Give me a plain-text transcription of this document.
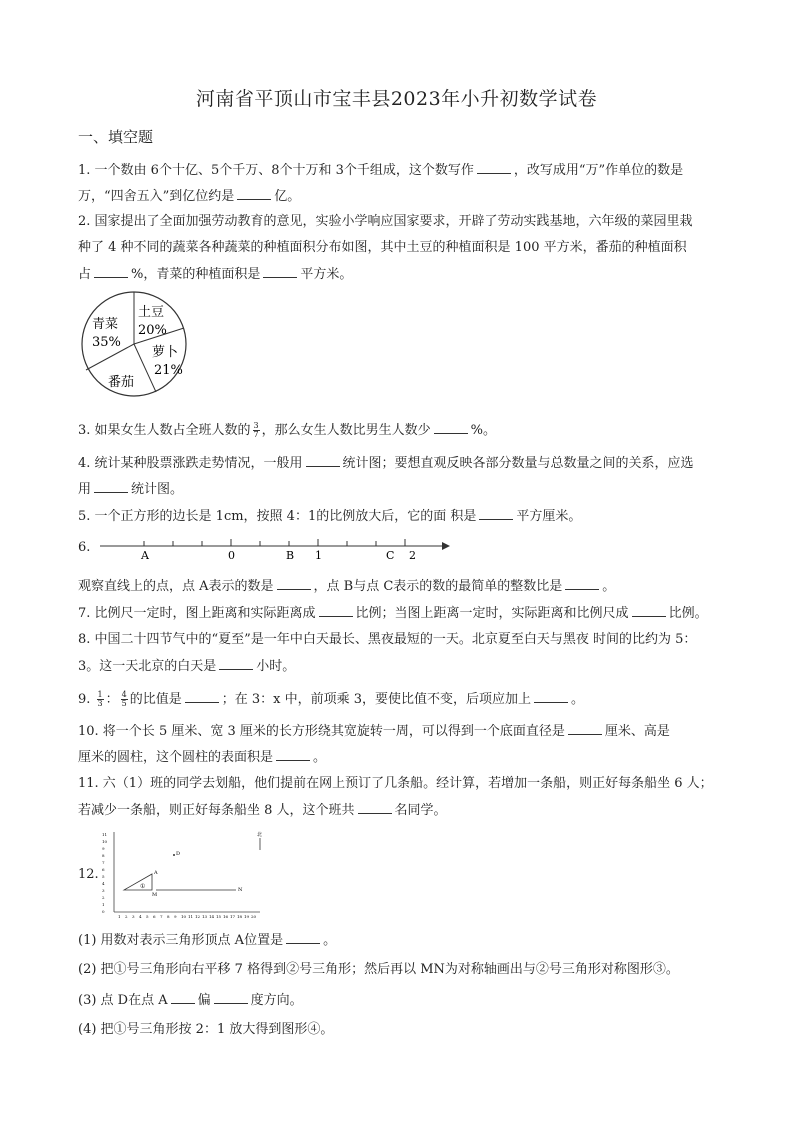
河南省平顶山市宝丰县2023年小升初数学试卷
一、填空题
1. 一个数由 6个十亿、5个千万、8个十万和 3个千组成，这个数写作	，改写成用“万”作单位的数是
万，“四舍五入”到亿位约是	亿。
2. 国家提出了全面加强劳动教育的意见，实验小学响应国家要求，开辟了劳动实践基地，六年级的菜园里栽
种了 4 种不同的蔬菜各种蔬菜的种植面积分布如图，其中土豆的种植面积是 100 平方米，番茄的种植面积
占	%，青菜的种植面积是	平方米。
土豆
20%
萝卜
21%
青菜
35%
番茄
3. 如果女生人数占全班人数的 $\frac{3}{7}$ ，那么女生人数比男生人数少	%。
4. 统计某种股票涨跌走势情况，一般用	统计图；要想直观反映各部分数量与总数量之间的关系，应选
用	统计图。
5. 一个正方形的边长是 1cm，按照 4：1的比例放大后，它的面 积是	平方厘米。
6.
A	0	B 1	C 2
观察直线上的点，点 A表示的数是	，点 B与点 C表示的数的最简单的整数比是	。
7. 比例尺一定时，图上距离和实际距离成	比例；当图上距离一定时，实际距离和比例尺成	比例。
8. 中国二十四节气中的“夏至”是一年中白天最长、黑夜最短的一天。北京夏至白天与黑夜 时间的比约为 5：
3。这一天北京的白天是	小时。
9. $\frac{1}{3}$ ： $\frac{4}{5}$ 的比值是	；在 3：x 中，前项乘 3，要使比值不变，后项应加上	。
10. 将一个长 5 厘米、宽 3 厘米的长方形绕其宽旋转一周，可以得到一个底面直径是	厘米、高是
厘米的圆柱，这个圆柱的表面积是	。
11. 六（1）班的同学去划船，他们提前在网上预订了几条船。经计算，若增加一条船，则正好每条船坐 6 人；
若减少一条船，则正好每条船坐 8 人，这个班共	名同学。
12.
11
10
9
8
7
6
5
4
3
2
1
0
1 2 3 4 5 6 7 8 9 10 11 12 13 14 15 16 17 18 19 20
①
A
M
N
D
北
(1) 用数对表示三角形顶点 A位置是	。
(2) 把①号三角形向右平移 7 格得到②号三角形；然后再以 MN为对称轴画出与②号三角形对称图形③。
(3) 点 D在点 A 偏	度方向。
(4) 把①号三角形按 2：1 放大得到图形④。
